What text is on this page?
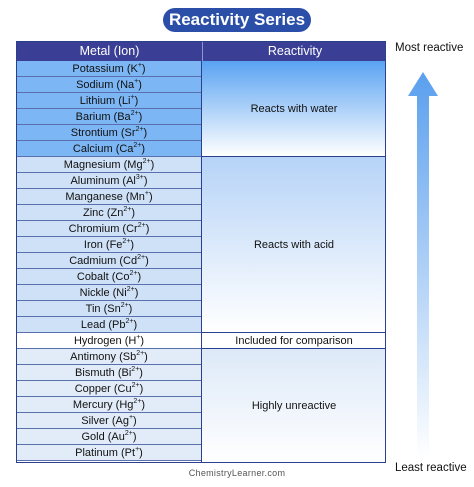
Reactivity Series
Metal (Ion)	Reactivity
Potassium (K+)
Sodium (Na+)
Lithium (Li+)
Barium $(Ba^{2+})$
Strontium $(Sr^{2+})$
Calcium $(Ca^{2+})$
Magnesium $(Mg^{2+})$
Aluminum $(Al^{3+})$
Manganese (Mn+)
Zinc $(Zn^{2+})$
Chromium $(Cr^{2+})$
Iron $(Fe^{2+})$
Cadmium $(Cd^{2+})$
Cobalt $(Co^{2+})$
Nickle $(Ni^{2+})$
Tin $(Sn^{2+})$
Lead $(Pb^{2+})$
Hydrogen (H+)
Antimony $(Sb^{2+})$
Bismuth $(Bi^{2+})$
Copper $(Cu^{2+})$
Mercury $(Hg^{2+})$
Silver (Ag+)
Gold $(Au^{2+})$
Platinum (Pt+)
Reacts with water
Reacts with acid
Included for comparison
Highly unreactive
Most reactive
Least reactive
ChemistryLearner.com
